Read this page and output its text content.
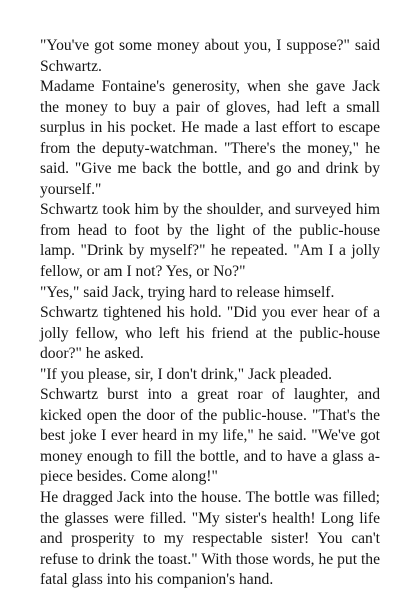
"You've got some money about you, I suppose?" said Schwartz.

Madame Fontaine's generosity, when she gave Jack the money to buy a pair of gloves, had left a small surplus in his pocket. He made a last effort to escape from the deputy-watchman. "There's the money," he said. "Give me back the bottle, and go and drink by yourself."

Schwartz took him by the shoulder, and surveyed him from head to foot by the light of the public-house lamp. "Drink by myself?" he repeated. "Am I a jolly fellow, or am I not? Yes, or No?"

"Yes," said Jack, trying hard to release himself.

Schwartz tightened his hold. "Did you ever hear of a jolly fellow, who left his friend at the public-house door?" he asked.

"If you please, sir, I don't drink," Jack pleaded.

Schwartz burst into a great roar of laughter, and kicked open the door of the public-house. "That's the best joke I ever heard in my life," he said. "We've got money enough to fill the bottle, and to have a glass a-piece besides. Come along!"

He dragged Jack into the house. The bottle was filled; the glasses were filled. "My sister's health! Long life and prosperity to my respectable sister! You can't refuse to drink the toast." With those words, he put the fatal glass into his companion's hand.
